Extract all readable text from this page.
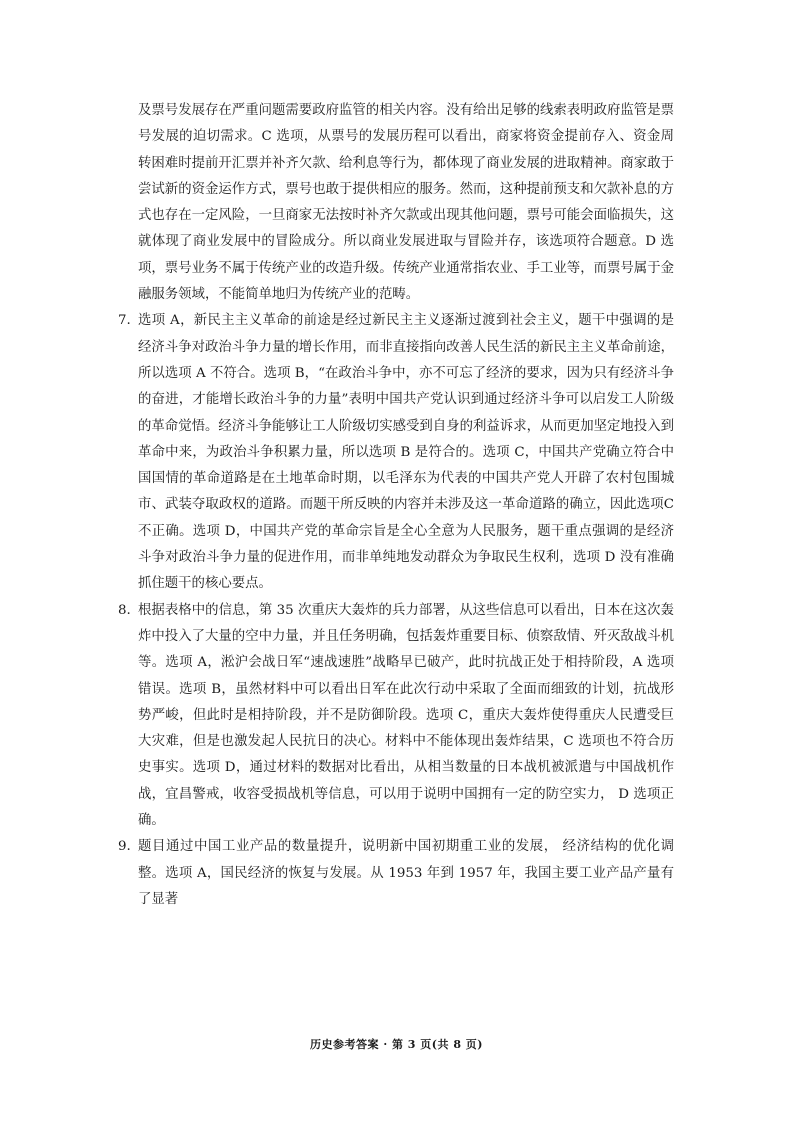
及票号发展存在严重问题需要政府监管的相关内容。没有给出足够的线索表明政府监管是票号发展的迫切需求。C 选项，从票号的发展历程可以看出，商家将资金提前存入、资金周转困难时提前开汇票并补齐欠款、给利息等行为，都体现了商业发展的进取精神。商家敢于尝试新的资金运作方式，票号也敢于提供相应的服务。然而，这种提前预支和欠款补息的方式也存在一定风险，一旦商家无法按时补齐欠款或出现其他问题，票号可能会面临损失，这就体现了商业发展中的冒险成分。所以商业发展进取与冒险并存，该选项符合题意。D 选项，票号业务不属于传统产业的改造升级。传统产业通常指农业、手工业等，而票号属于金融服务领域，不能简单地归为传统产业的范畴。

7. 选项 A，新民主主义革命的前途是经过新民主主义逐渐过渡到社会主义，题干中强调的是经济斗争对政治斗争力量的增长作用，而非直接指向改善人民生活的新民主主义革命前途，所以选项 A 不符合。选项 B，“在政治斗争中，亦不可忘了经济的要求，因为只有经济斗争的奋进，才能增长政治斗争的力量”表明中国共产党认识到通过经济斗争可以启发工人阶级的革命觉悟。经济斗争能够让工人阶级切实感受到自身的利益诉求，从而更加坚定地投入到革命中来，为政治斗争积累力量，所以选项 B 是符合的。选项 C，中国共产党确立符合中国国情的革命道路是在土地革命时期，以毛泽东为代表的中国共产党人开辟了农村包围城市、武装夺取政权的道路。而题干所反映的内容并未涉及这一革命道路的确立，因此选项C 不正确。选项 D，中国共产党的革命宗旨是全心全意为人民服务，题干重点强调的是经济斗争对政治斗争力量的促进作用，而非单纯地发动群众为争取民生权利，选项 D 没有准确抓住题干的核心要点。

8. 根据表格中的信息，第 35 次重庆大轰炸的兵力部署，从这些信息可以看出，日本在这次轰炸中投入了大量的空中力量，并且任务明确，包括轰炸重要目标、侦察敌情、歼灭敌战斗机等。选项 A，淞沪会战日军“速战速胜”战略早已破产，此时抗战正处于相持阶段，A 选项错误。选项 B，虽然材料中可以看出日军在此次行动中采取了全面而细致的计划，抗战形势严峻，但此时是相持阶段，并不是防御阶段。选项 C，重庆大轰炸使得重庆人民遭受巨大灾难，但是也激发起人民抗日的决心。材料中不能体现出轰炸结果，C 选项也不符合历史事实。选项 D，通过材料的数据对比看出，从相当数量的日本战机被派遣与中国战机作战，宜昌警戒，收容受损战机等信息，可以用于说明中国拥有一定的防空实力， D 选项正确。

9. 题目通过中国工业产品的数量提升，说明新中国初期重工业的发展， 经济结构的优化调整。选项 A，国民经济的恢复与发展。从 1953 年到 1957 年，我国主要工业产品产量有了显著

历史参考答案 · 第 3 页(共 8 页)
